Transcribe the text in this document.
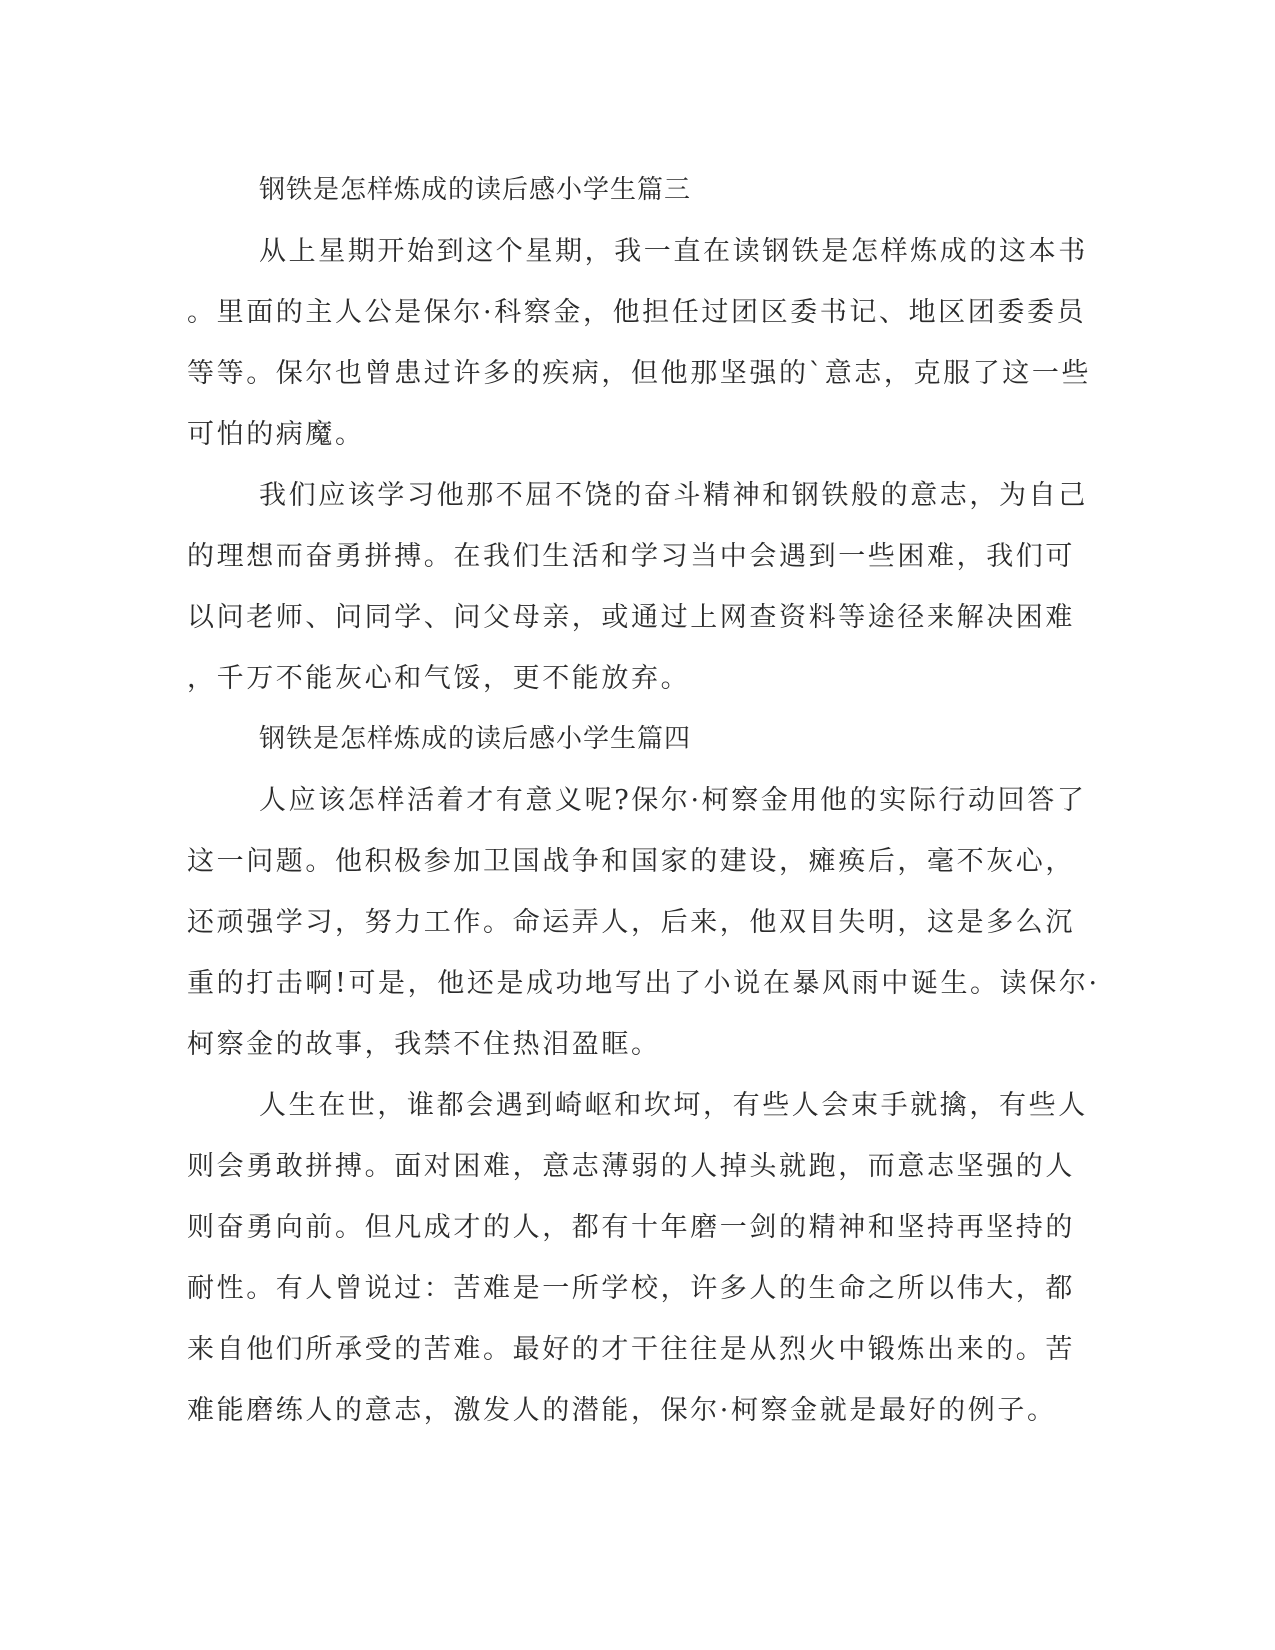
钢铁是怎样炼成的读后感小学生篇三
从上星期开始到这个星期，我一直在读钢铁是怎样炼成的这本书
。里面的主人公是保尔·科察金，他担任过团区委书记、地区团委委员
等等。保尔也曾患过许多的疾病，但他那坚强的`意志，克服了这一些
可怕的病魔。
我们应该学习他那不屈不饶的奋斗精神和钢铁般的意志，为自己
的理想而奋勇拼搏。在我们生活和学习当中会遇到一些困难，我们可
以问老师、问同学、问父母亲，或通过上网查资料等途径来解决困难
，千万不能灰心和气馁，更不能放弃。
钢铁是怎样炼成的读后感小学生篇四
人应该怎样活着才有意义呢?保尔·柯察金用他的实际行动回答了
这一问题。他积极参加卫国战争和国家的建设，瘫痪后，毫不灰心，
还顽强学习，努力工作。命运弄人，后来，他双目失明，这是多么沉
重的打击啊!可是，他还是成功地写出了小说在暴风雨中诞生。读保尔·
柯察金的故事，我禁不住热泪盈眶。
人生在世，谁都会遇到崎岖和坎坷，有些人会束手就擒，有些人
则会勇敢拼搏。面对困难，意志薄弱的人掉头就跑，而意志坚强的人
则奋勇向前。但凡成才的人，都有十年磨一剑的精神和坚持再坚持的
耐性。有人曾说过：苦难是一所学校，许多人的生命之所以伟大，都
来自他们所承受的苦难。最好的才干往往是从烈火中锻炼出来的。苦
难能磨练人的意志，激发人的潜能，保尔·柯察金就是最好的例子。
